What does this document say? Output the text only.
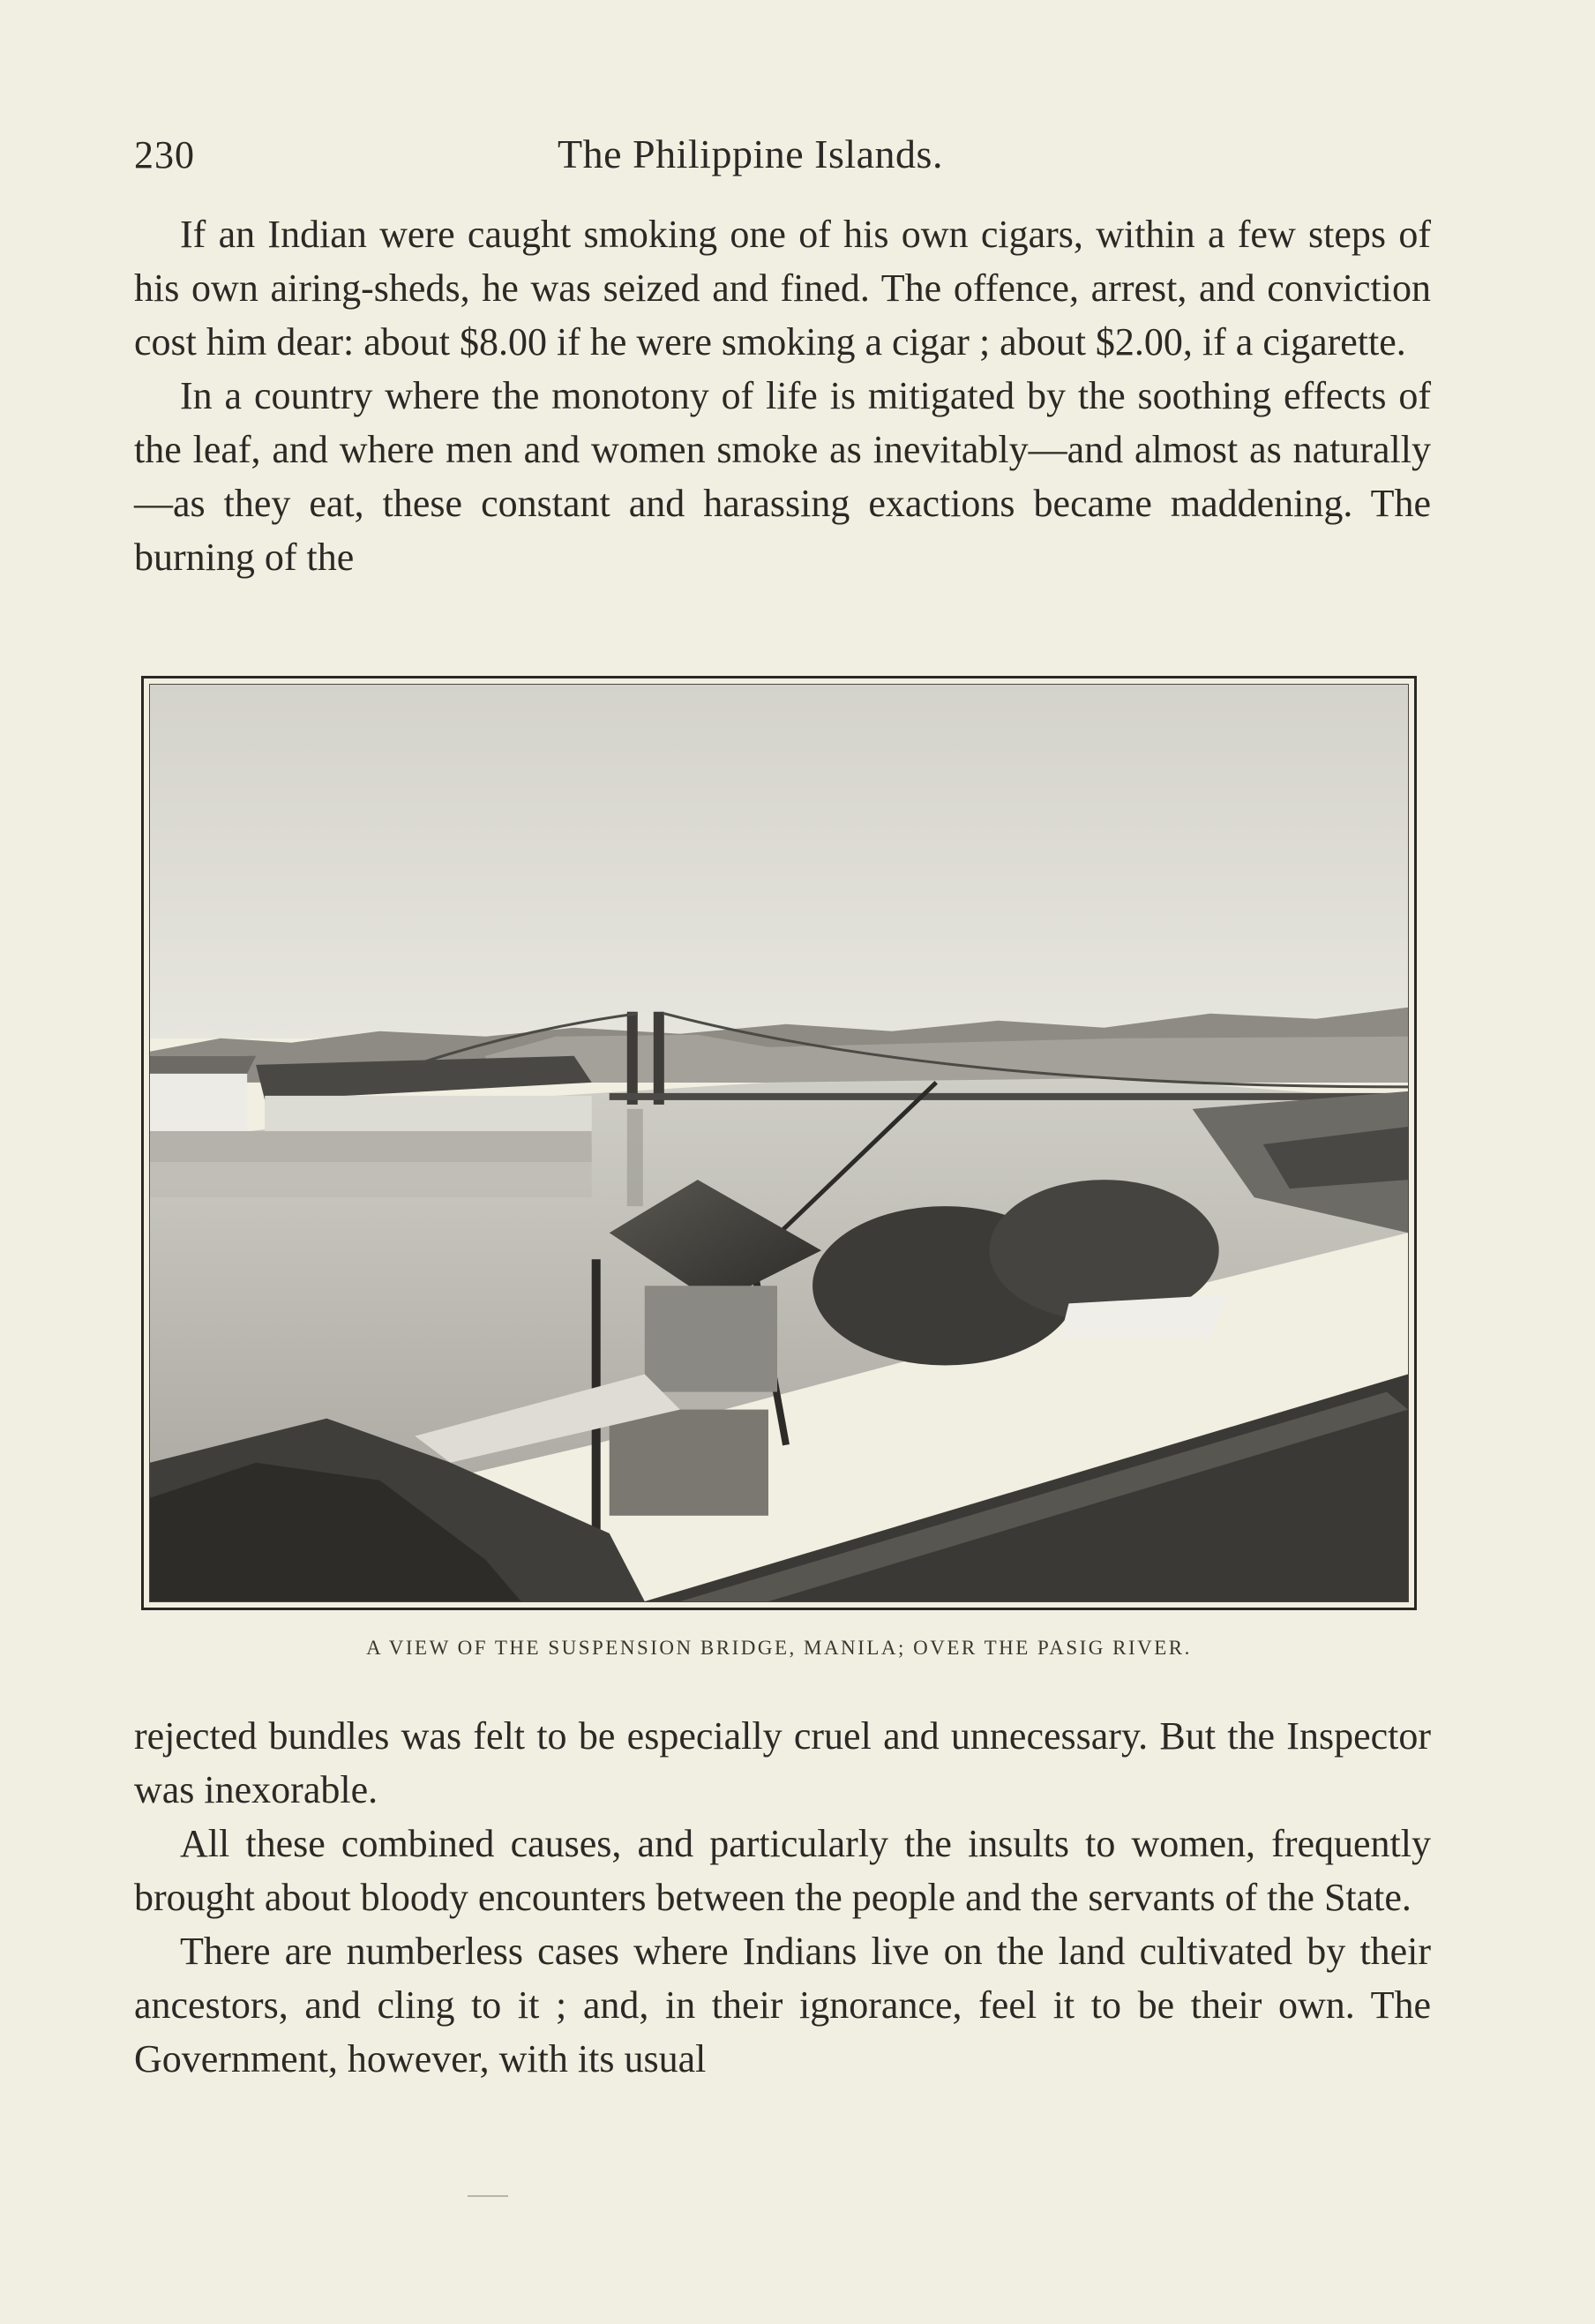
230	The Philippine Islands.

If an Indian were caught smoking one of his own cigars, within a few steps of his own airing-sheds, he was seized and fined. The offence, arrest, and conviction cost him dear: about $8.00 if he were smoking a cigar ; about $2.00, if a cigarette.

In a country where the monotony of life is mitigated by the soothing effects of the leaf, and where men and women smoke as inevitably—and almost as naturally—as they eat, these constant and harassing exactions became maddening. The burning of the

A VIEW OF THE SUSPENSION BRIDGE, MANILA; OVER THE PASIG RIVER.

rejected bundles was felt to be especially cruel and unnecessary. But the Inspector was inexorable.

All these combined causes, and particularly the insults to women, frequently brought about bloody encounters between the people and the servants of the State.

There are numberless cases where Indians live on the land cultivated by their ancestors, and cling to it ; and, in their ignorance, feel it to be their own. The Government, however, with its usual
